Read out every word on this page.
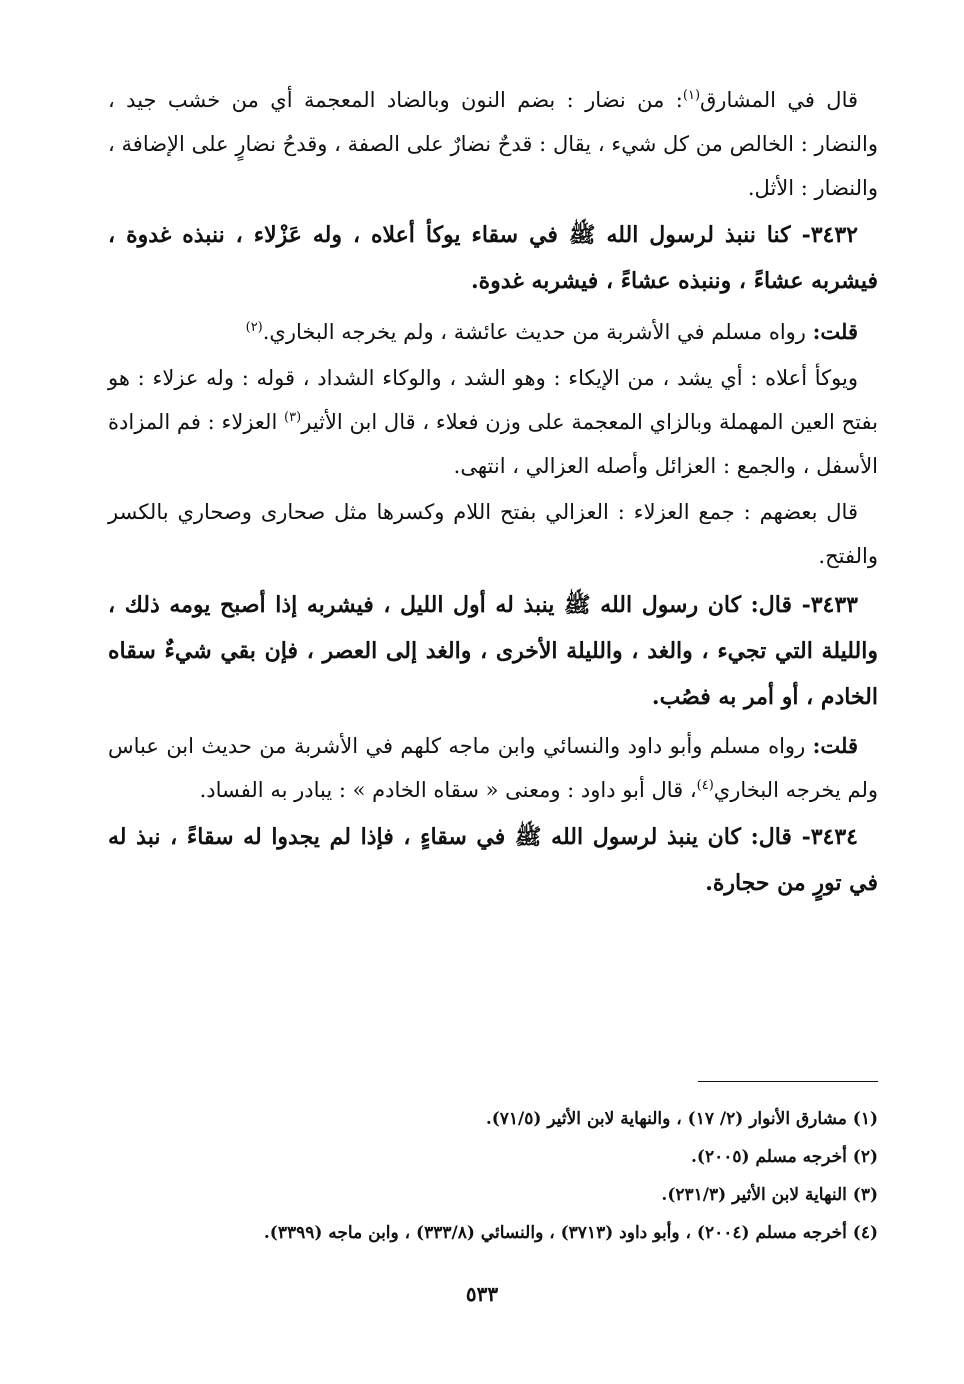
قال في المشارق$^{(١)}$: من نضار : بضم النون وبالضاد المعجمة أي من خشب جيد ، والنضار : الخالص من كل شيء ، يقال : قدحٌ نضارٌ على الصفة ، وقدحُ نضارٍ على الإضافة ، والنضار : الأثل.

٣٤٣٢- كنا ننبذ لرسول الله ﷺ في سقاء يوكأ أعلاه ، وله عَزْلاء ، ننبذه غدوة ، فيشربه عشاءً ، وننبذه عشاءً ، فيشربه غدوة.

قلت: رواه مسلم في الأشربة من حديث عائشة ، ولم يخرجه البخاري.$^{(٢)}$

ويوكأ أعلاه : أي يشد ، من الإيكاء : وهو الشد ، والوكاء الشداد ، قوله : وله عزلاء : هو بفتح العين المهملة وبالزاي المعجمة على وزن فعلاء ، قال ابن الأثير$^{(٣)}$ العزلاء : فم المزادة الأسفل ، والجمع : العزائل وأصله العزالي ، انتهى.

قال بعضهم : جمع العزلاء : العزالي بفتح اللام وكسرها مثل صحارى وصحاري بالكسر والفتح.

٣٤٣٣- قال: كان رسول الله ﷺ ينبذ له أول الليل ، فيشربه إذا أصبح يومه ذلك ، والليلة التي تجيء ، والغد ، والليلة الأخرى ، والغد إلى العصر ، فإن بقي شيءٌ سقاه الخادم ، أو أمر به فصُب.

قلت: رواه مسلم وأبو داود والنسائي وابن ماجه كلهم في الأشربة من حديث ابن عباس ولم يخرجه البخاري$^{(٤)}$، قال أبو داود : ومعنى « سقاه الخادم » : يبادر به الفساد.

٣٤٣٤- قال: كان ينبذ لرسول الله ﷺ في سقاءٍ ، فإذا لم يجدوا له سقاءً ، نبذ له في تورٍ من حجارة.

(١) مشارق الأنوار (٢/ ١٧) ، والنهاية لابن الأثير (٧١/٥).

(٢) أخرجه مسلم (٢٠٠٥).

(٣) النهاية لابن الأثير (٢٣١/٣).

(٤) أخرجه مسلم (٢٠٠٤) ، وأبو داود (٣٧١٣) ، والنسائي (٣٣٣/٨) ، وابن ماجه (٣٣٩٩).

٥٣٣
